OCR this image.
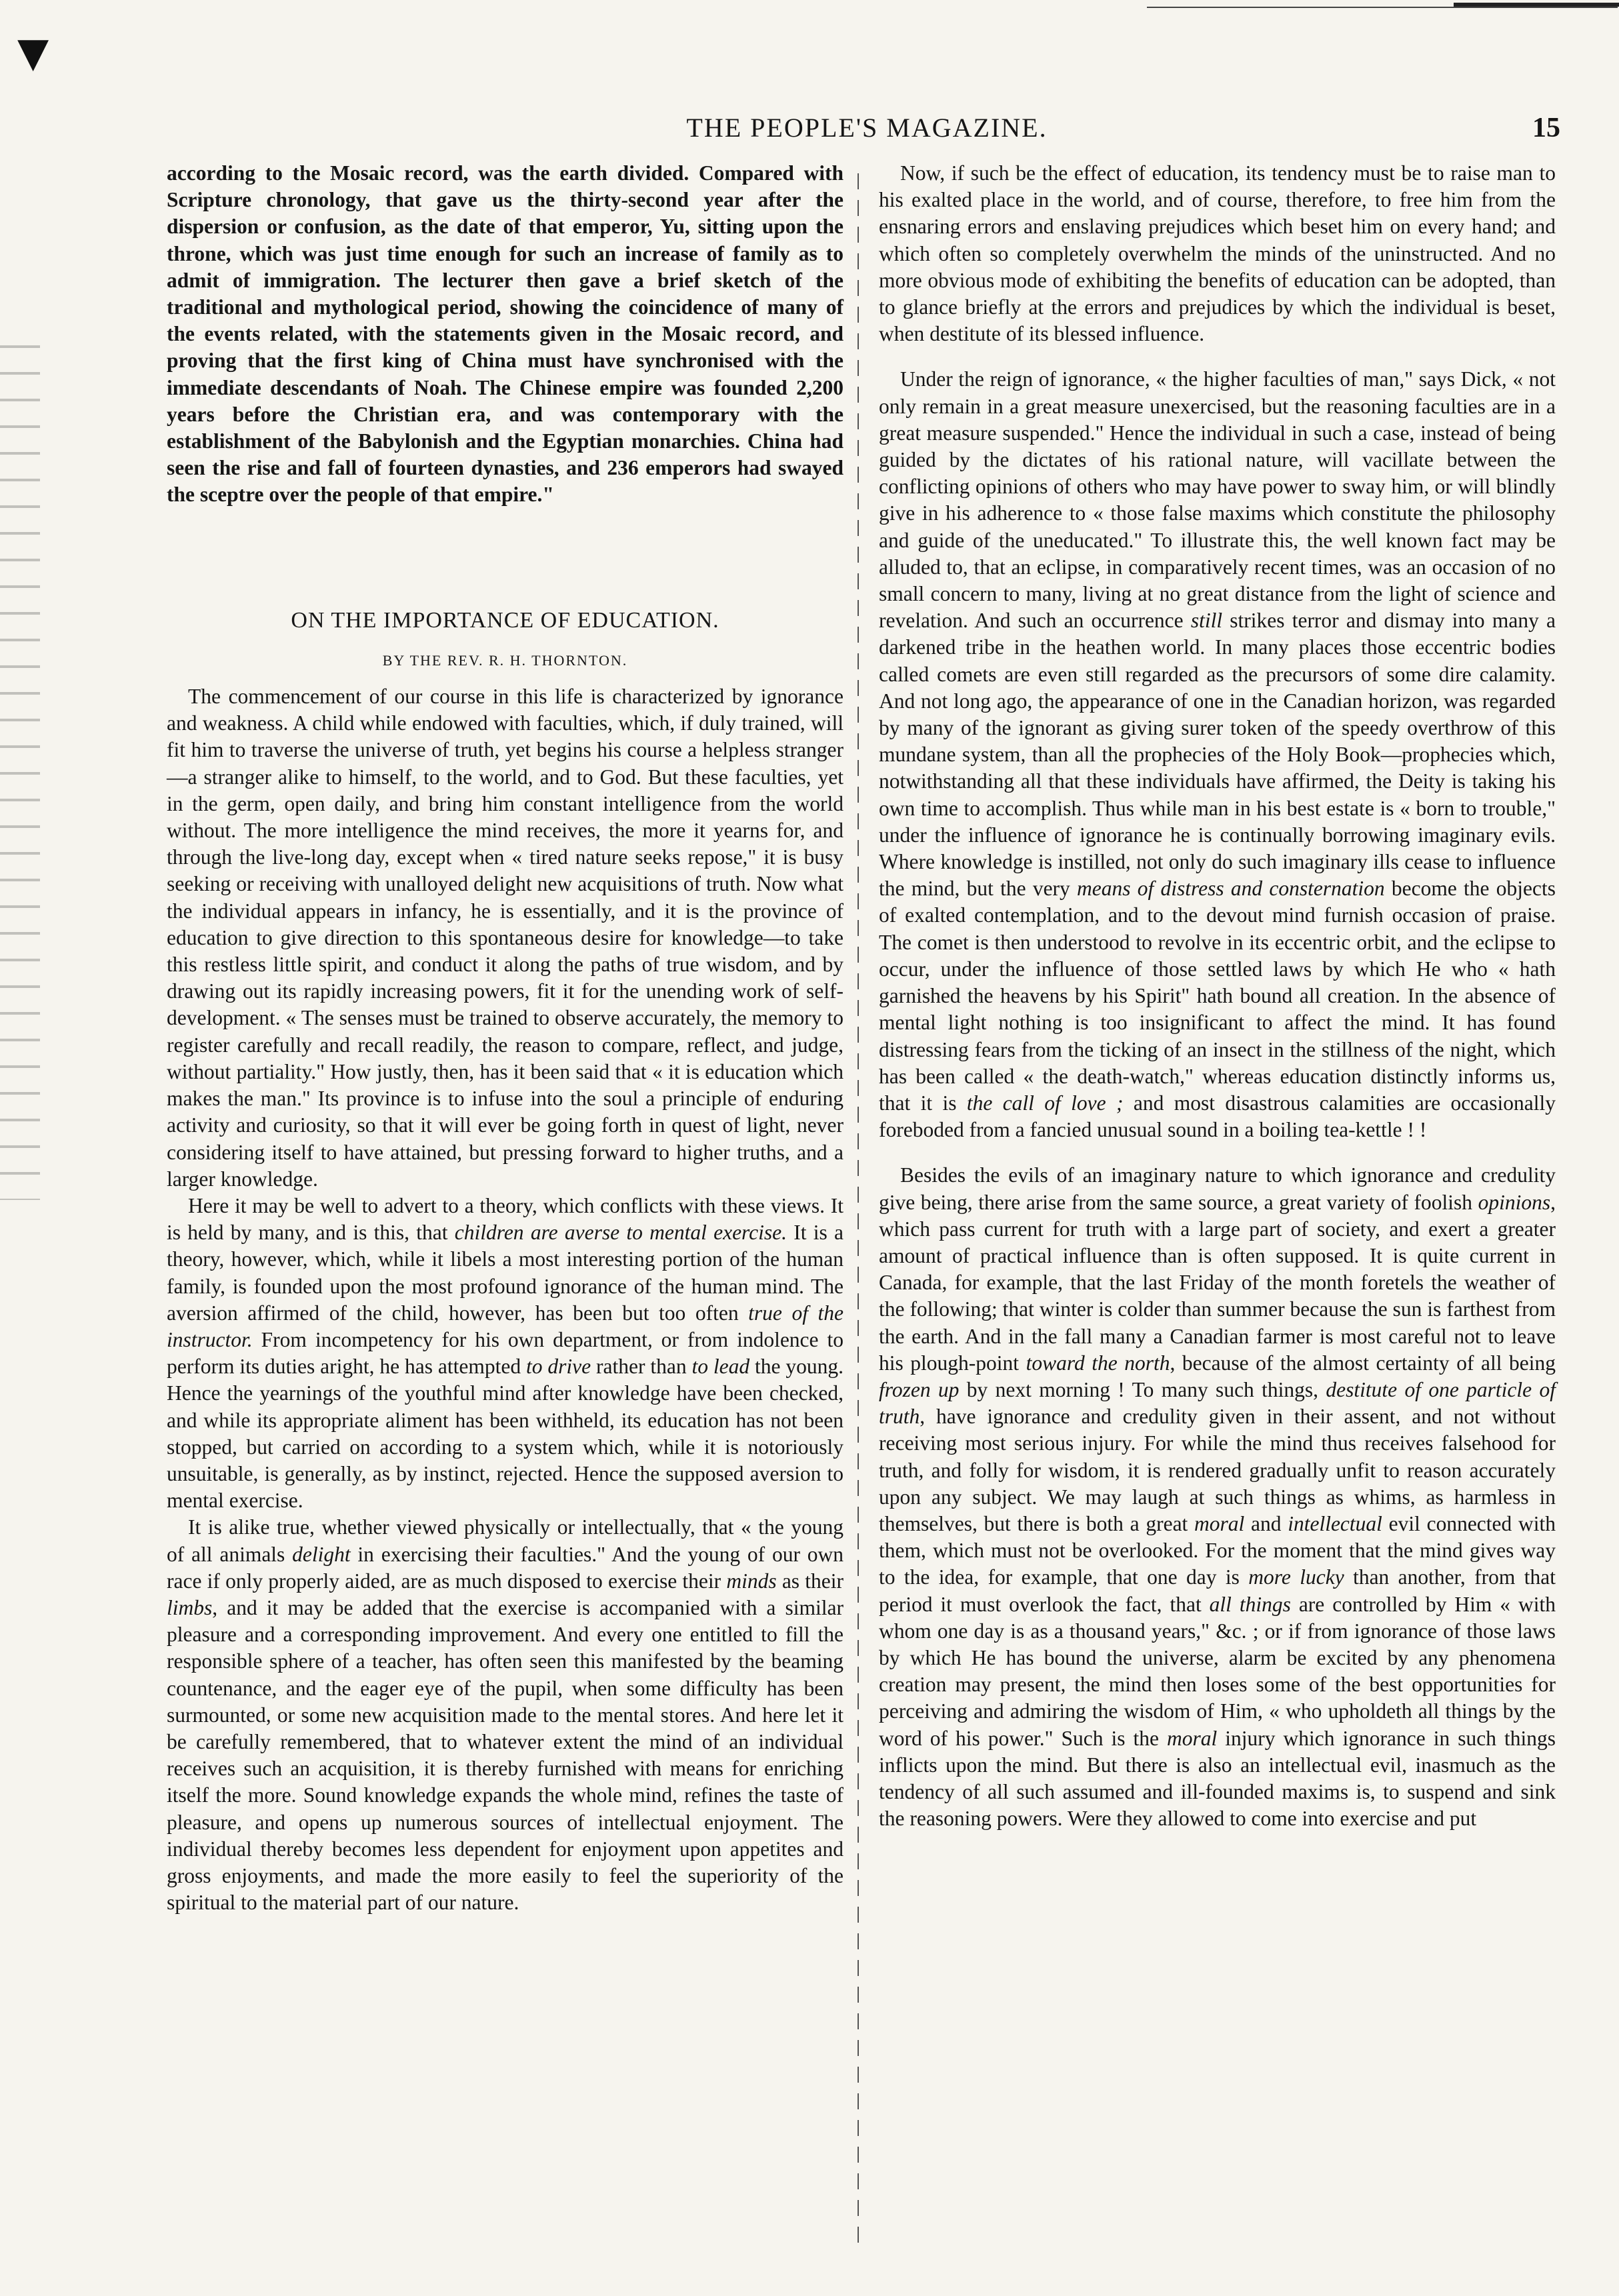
▼
THE PEOPLE'S MAGAZINE.	15

according to the Mosaic record, was the earth divided. Compared with Scripture chronology, that gave us the thirty-second year after the dispersion or confusion, as the date of that emperor, Yu, sitting upon the throne, which was just time enough for such an increase of family as to admit of immigration. The lecturer then gave a brief sketch of the traditional and mythological period, showing the coincidence of many of the events related, with the statements given in the Mosaic record, and proving that the first king of China must have synchronised with the immediate descendants of Noah. The Chinese empire was founded 2,200 years before the Christian era, and was contemporary with the establishment of the Babylonish and the Egyptian monarchies. China had seen the rise and fall of fourteen dynasties, and 236 emperors had swayed the sceptre over the people of that empire."

ON THE IMPORTANCE OF EDUCATION.
BY THE REV. R. H. THORNTON.

The commencement of our course in this life is characterized by ignorance and weakness. A child while endowed with faculties, which, if duly trained, will fit him to traverse the universe of truth, yet begins his course a helpless stranger—a stranger alike to himself, to the world, and to God. But these faculties, yet in the germ, open daily, and bring him constant intelligence from the world without. The more intelligence the mind receives, the more it yearns for, and through the live-long day, except when « tired nature seeks repose," it is busy seeking or receiving with unalloyed delight new acquisitions of truth. Now what the individual appears in infancy, he is essentially, and it is the province of education to give direction to this spontaneous desire for knowledge—to take this restless little spirit, and conduct it along the paths of true wisdom, and by drawing out its rapidly increasing powers, fit it for the unending work of self-development. « The senses must be trained to observe accurately, the memory to register carefully and recall readily, the reason to compare, reflect, and judge, without partiality." How justly, then, has it been said that « it is education which makes the man." Its province is to infuse into the soul a principle of enduring activity and curiosity, so that it will ever be going forth in quest of light, never considering itself to have attained, but pressing forward to higher truths, and a larger knowledge.

Here it may be well to advert to a theory, which conflicts with these views. It is held by many, and is this, that children are averse to mental exercise. It is a theory, however, which, while it libels a most interesting portion of the human family, is founded upon the most profound ignorance of the human mind. The aversion affirmed of the child, however, has been but too often true of the instructor. From incompetency for his own department, or from indolence to perform its duties aright, he has attempted to drive rather than to lead the young. Hence the yearnings of the youthful mind after knowledge have been checked, and while its appropriate aliment has been withheld, its education has not been stopped, but carried on according to a system which, while it is notoriously unsuitable, is generally, as by instinct, rejected. Hence the supposed aversion to mental exercise.

It is alike true, whether viewed physically or intellectually, that « the young of all animals delight in exercising their faculties." And the young of our own race if only properly aided, are as much disposed to exercise their minds as their limbs, and it may be added that the exercise is accompanied with a similar pleasure and a corresponding improvement. And every one entitled to fill the responsible sphere of a teacher, has often seen this manifested by the beaming countenance, and the eager eye of the pupil, when some difficulty has been surmounted, or some new acquisition made to the mental stores. And here let it be carefully remembered, that to whatever extent the mind of an individual receives such an acquisition, it is thereby furnished with means for enriching itself the more. Sound knowledge expands the whole mind, refines the taste of pleasure, and opens up numerous sources of intellectual enjoyment. The individual thereby becomes less dependent for enjoyment upon appetites and gross enjoyments, and made the more easily to feel the superiority of the spiritual to the material part of our nature.

Now, if such be the effect of education, its tendency must be to raise man to his exalted place in the world, and of course, therefore, to free him from the ensnaring errors and enslaving prejudices which beset him on every hand; and which often so completely overwhelm the minds of the uninstructed. And no more obvious mode of exhibiting the benefits of education can be adopted, than to glance briefly at the errors and prejudices by which the individual is beset, when destitute of its blessed influence.

Under the reign of ignorance, « the higher faculties of man," says Dick, « not only remain in a great measure unexercised, but the reasoning faculties are in a great measure suspended." Hence the individual in such a case, instead of being guided by the dictates of his rational nature, will vacillate between the conflicting opinions of others who may have power to sway him, or will blindly give in his adherence to « those false maxims which constitute the philosophy and guide of the uneducated." To illustrate this, the well known fact may be alluded to, that an eclipse, in comparatively recent times, was an occasion of no small concern to many, living at no great distance from the light of science and revelation. And such an occurrence still strikes terror and dismay into many a darkened tribe in the heathen world. In many places those eccentric bodies called comets are even still regarded as the precursors of some dire calamity. And not long ago, the appearance of one in the Canadian horizon, was regarded by many of the ignorant as giving surer token of the speedy overthrow of this mundane system, than all the prophecies of the Holy Book—prophecies which, notwithstanding all that these individuals have affirmed, the Deity is taking his own time to accomplish. Thus while man in his best estate is « born to trouble," under the influence of ignorance he is continually borrowing imaginary evils. Where knowledge is instilled, not only do such imaginary ills cease to influence the mind, but the very means of distress and consternation become the objects of exalted contemplation, and to the devout mind furnish occasion of praise. The comet is then understood to revolve in its eccentric orbit, and the eclipse to occur, under the influence of those settled laws by which He who « hath garnished the heavens by his Spirit" hath bound all creation. In the absence of mental light nothing is too insignificant to affect the mind. It has found distressing fears from the ticking of an insect in the stillness of the night, which has been called « the death-watch," whereas education distinctly informs us, that it is the call of love ; and most disastrous calamities are occasionally foreboded from a fancied unusual sound in a boiling tea-kettle ! !

Besides the evils of an imaginary nature to which ignorance and credulity give being, there arise from the same source, a great variety of foolish opinions, which pass current for truth with a large part of society, and exert a greater amount of practical influence than is often supposed. It is quite current in Canada, for example, that the last Friday of the month foretels the weather of the following; that winter is colder than summer because the sun is farthest from the earth. And in the fall many a Canadian farmer is most careful not to leave his plough-point toward the north, because of the almost certainty of all being frozen up by next morning ! To many such things, destitute of one particle of truth, have ignorance and credulity given in their assent, and not without receiving most serious injury. For while the mind thus receives falsehood for truth, and folly for wisdom, it is rendered gradually unfit to reason accurately upon any subject. We may laugh at such things as whims, as harmless in themselves, but there is both a great moral and intellectual evil connected with them, which must not be overlooked. For the moment that the mind gives way to the idea, for example, that one day is more lucky than another, from that period it must overlook the fact, that all things are controlled by Him « with whom one day is as a thousand years," &c. ; or if from ignorance of those laws by which He has bound the universe, alarm be excited by any phenomena creation may present, the mind then loses some of the best opportunities for perceiving and admiring the wisdom of Him, « who upholdeth all things by the word of his power." Such is the moral injury which ignorance in such things inflicts upon the mind. But there is also an intellectual evil, inasmuch as the tendency of all such assumed and ill-founded maxims is, to suspend and sink the reasoning powers. Were they allowed to come into exercise and put
